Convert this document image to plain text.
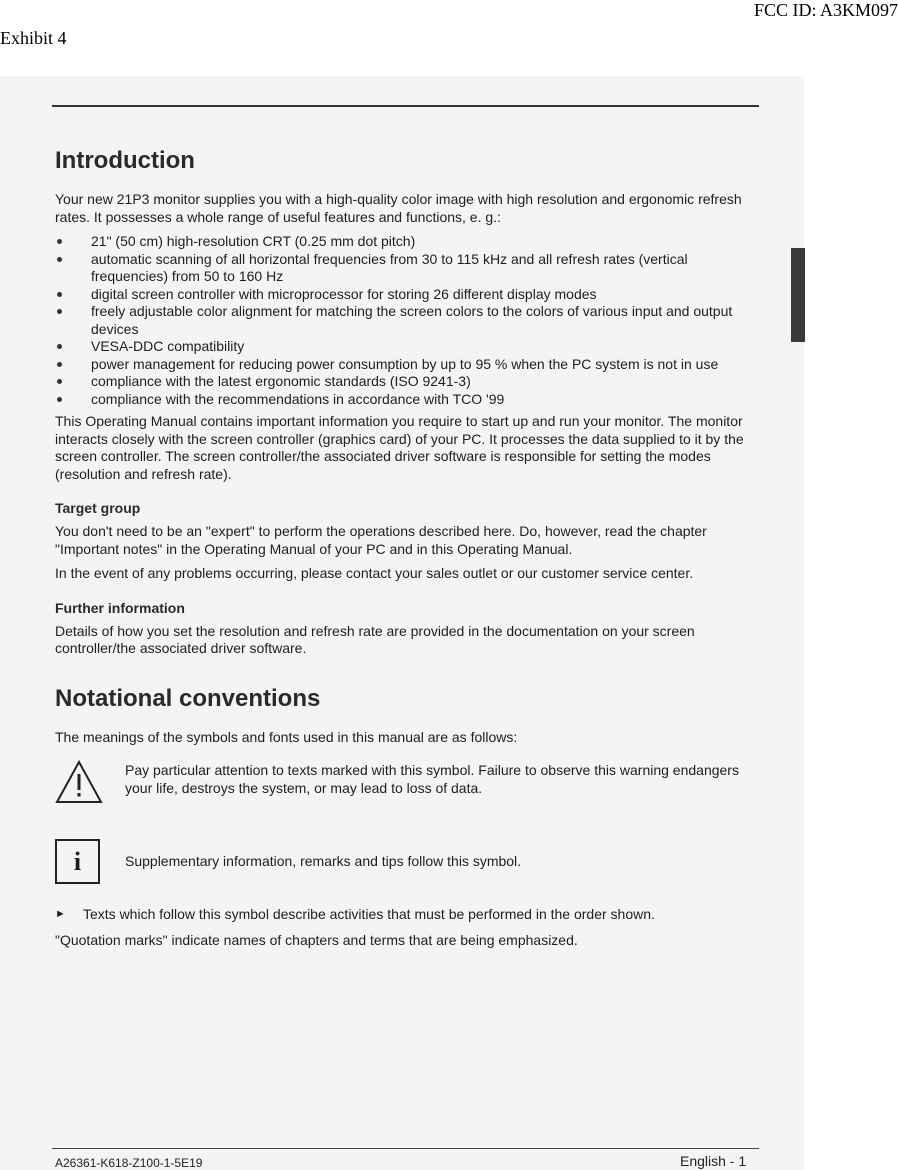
FCC ID: A3KM097
Exhibit 4
Introduction

Your new 21P3 monitor supplies you with a high-quality color image with high resolution and ergonomic refresh rates. It possesses a whole range of useful features and functions, e. g.:

21" (50 cm) high-resolution CRT (0.25 mm dot pitch)
automatic scanning of all horizontal frequencies from 30 to 115 kHz and all refresh rates (vertical frequencies) from 50 to 160 Hz
digital screen controller with microprocessor for storing 26 different display modes
freely adjustable color alignment for matching the screen colors to the colors of various input and output devices
VESA-DDC compatibility
power management for reducing power consumption by up to 95 % when the PC system is not in use
compliance with the latest ergonomic standards (ISO 9241-3)
compliance with the recommendations in accordance with TCO '99

This Operating Manual contains important information you require to start up and run your monitor. The monitor interacts closely with the screen controller (graphics card) of your PC. It processes the data supplied to it by the screen controller. The screen controller/the associated driver software is responsible for setting the modes (resolution and refresh rate).

Target group

You don't need to be an "expert" to perform the operations described here. Do, however, read the chapter "Important notes" in the Operating Manual of your PC and in this Operating Manual.

In the event of any problems occurring, please contact your sales outlet or our customer service center.

Further information

Details of how you set the resolution and refresh rate are provided in the documentation on your screen controller/the associated driver software.

Notational conventions

The meanings of the symbols and fonts used in this manual are as follows:

Pay particular attention to texts marked with this symbol. Failure to observe this warning endangers your life, destroys the system, or may lead to loss of data.

i	Supplementary information, remarks and tips follow this symbol.

►	Texts which follow this symbol describe activities that must be performed in the order shown.

"Quotation marks" indicate names of chapters and terms that are being emphasized.

A26361-K618-Z100-1-5E19	English - 1
